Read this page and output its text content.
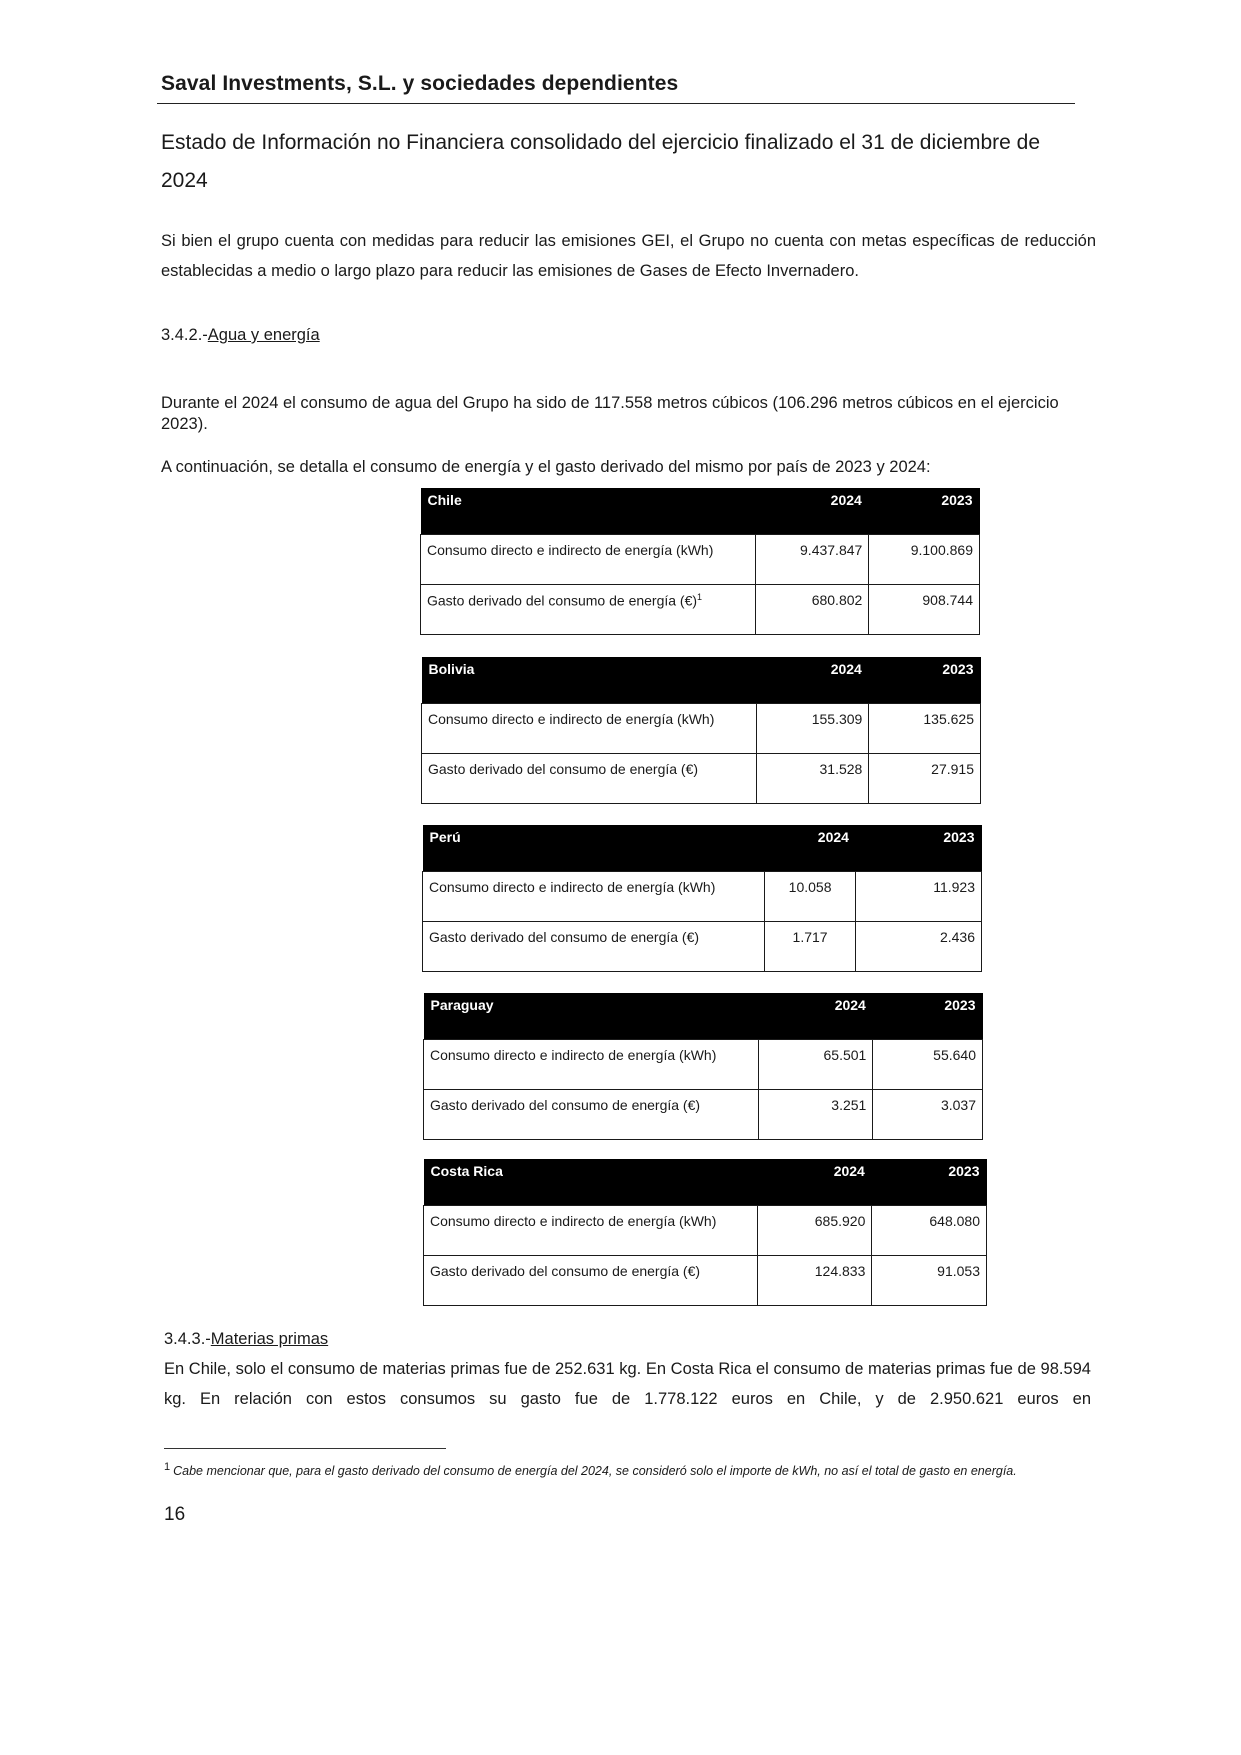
Saval Investments, S.L. y sociedades dependientes
Estado de Información no Financiera consolidado del ejercicio finalizado el 31 de diciembre de 2024
Si bien el grupo cuenta con medidas para reducir las emisiones GEI, el Grupo no cuenta con metas específicas de reducción establecidas a medio o largo plazo para reducir las emisiones de Gases de Efecto Invernadero.
3.4.2.-Agua y energía
Durante el 2024 el consumo de agua del Grupo ha sido de 117.558 metros cúbicos (106.296 metros cúbicos en el ejercicio 2023).
A continuación, se detalla el consumo de energía y el gasto derivado del mismo por país de 2023 y 2024:
Chile	2024	2023
Consumo directo e indirecto de energía (kWh)	9.437.847	9.100.869
Gasto derivado del consumo de energía (€)$^1$	680.802	908.744
Bolivia	2024	2023
Consumo directo e indirecto de energía (kWh)	155.309	135.625
Gasto derivado del consumo de energía (€)	31.528	27.915
Perú	2024	2023
Consumo directo e indirecto de energía (kWh)	10.058	11.923
Gasto derivado del consumo de energía (€)	1.717	2.436
Paraguay	2024	2023
Consumo directo e indirecto de energía (kWh)	65.501	55.640
Gasto derivado del consumo de energía (€)	3.251	3.037
Costa Rica	2024	2023
Consumo directo e indirecto de energía (kWh)	685.920	648.080
Gasto derivado del consumo de energía (€)	124.833	91.053
3.4.3.-Materias primas
En Chile, solo el consumo de materias primas fue de 252.631 kg. En Costa Rica el consumo de materias primas fue de 98.594 kg. En relación con estos consumos su gasto fue de 1.778.122 euros en Chile, y de 2.950.621 euros en
$^1$ Cabe mencionar que, para el gasto derivado del consumo de energía del 2024, se consideró solo el importe de kWh, no así el total de gasto en energía.
16
